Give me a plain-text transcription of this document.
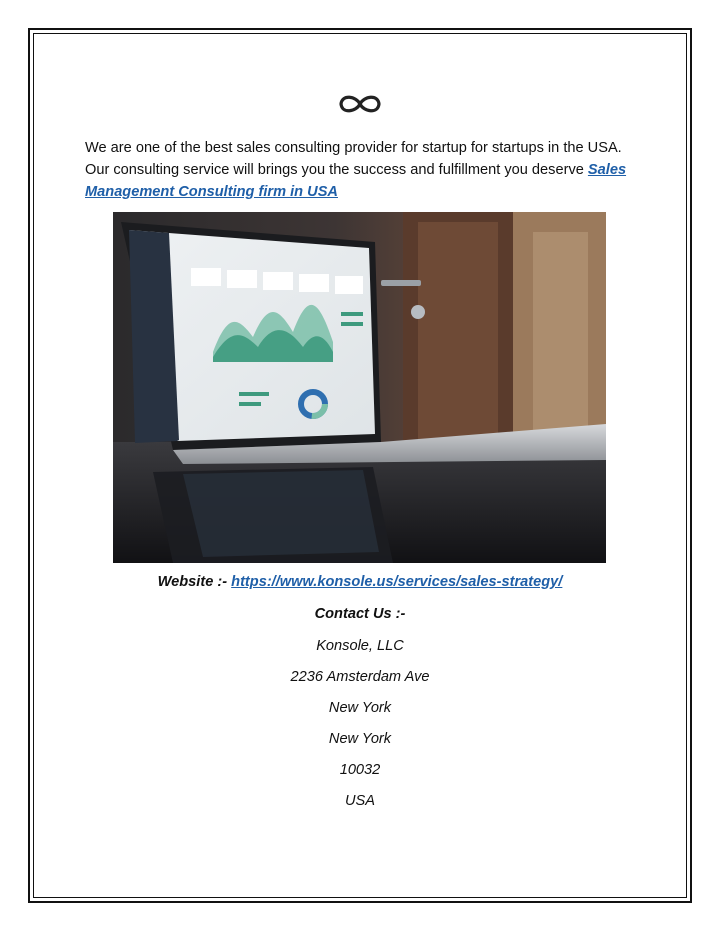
We are one of the best sales consulting provider for startup for startups in the USA. Our consulting service will brings you the success and fulfillment you deserve Sales Management Consulting firm in USA
Website :- https://www.konsole.us/services/sales-strategy/
Contact Us :-
Konsole, LLC
2236 Amsterdam Ave
New York
New York
10032
USA
